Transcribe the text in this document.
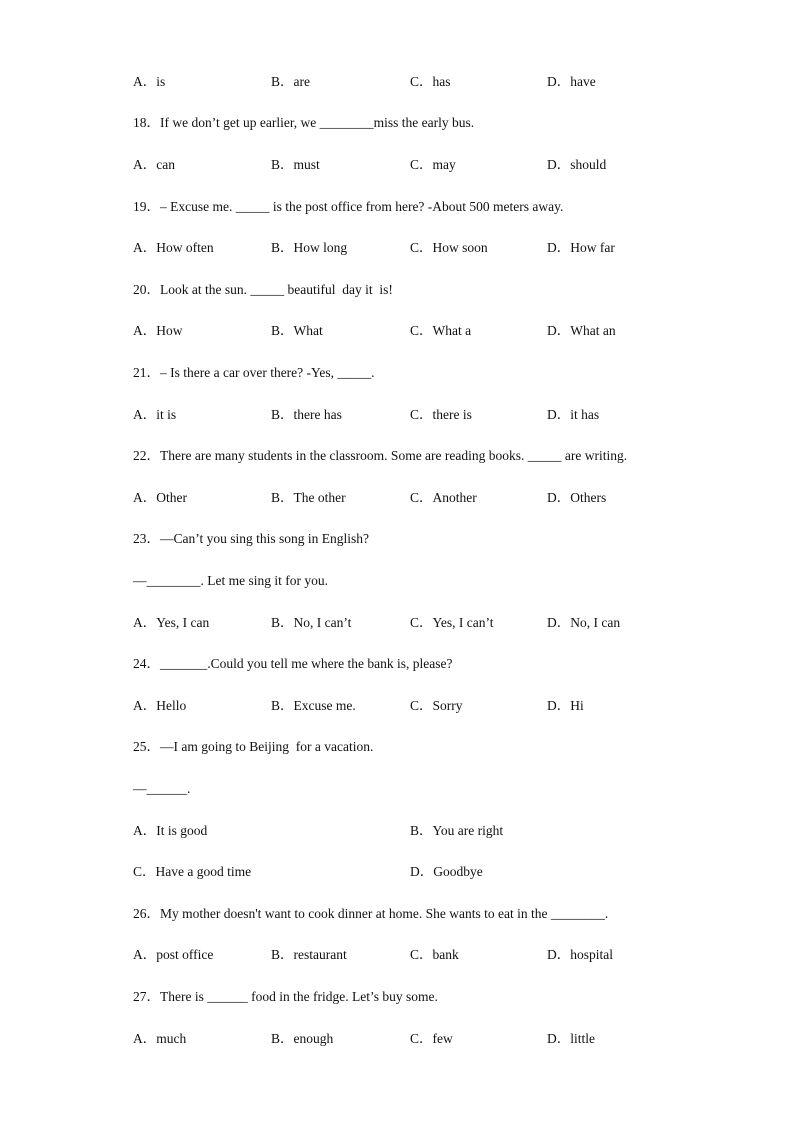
A．is	B．are	C．has	D．have
18．If we don’t get up earlier, we ________miss the early bus.
A．can	B．must	C．may	D．should
19．– Excuse me. _____ is the post office from here? -About 500 meters away.
A．How often	B．How long	C．How soon	D．How far
20．Look at the sun. _____ beautiful  day it  is!
A．How	B．What	C．What a	D．What an
21．– Is there a car over there? -Yes, _____.
A．it is	B．there has	C．there is	D．it has
22．There are many students in the classroom. Some are reading books. _____ are writing.
A．Other	B．The other	C．Another	D．Others
23．—Can’t you sing this song in English?
—________. Let me sing it for you.
A．Yes, I can	B．No, I can’t	C．Yes, I can’t	D．No, I can
24．_______.Could you tell me where the bank is, please?
A．Hello	B．Excuse me.	C．Sorry	D．Hi
25．—I am going to Beijing  for a vacation.
—______.
A．It is good	B．You are right
C．Have a good time	D．Goodbye
26．My mother doesn't want to cook dinner at home. She wants to eat in the ________.
A．post office	B．restaurant	C．bank	D．hospital
27．There is ______ food in the fridge. Let’s buy some.
A．much	B．enough	C．few	D．little
